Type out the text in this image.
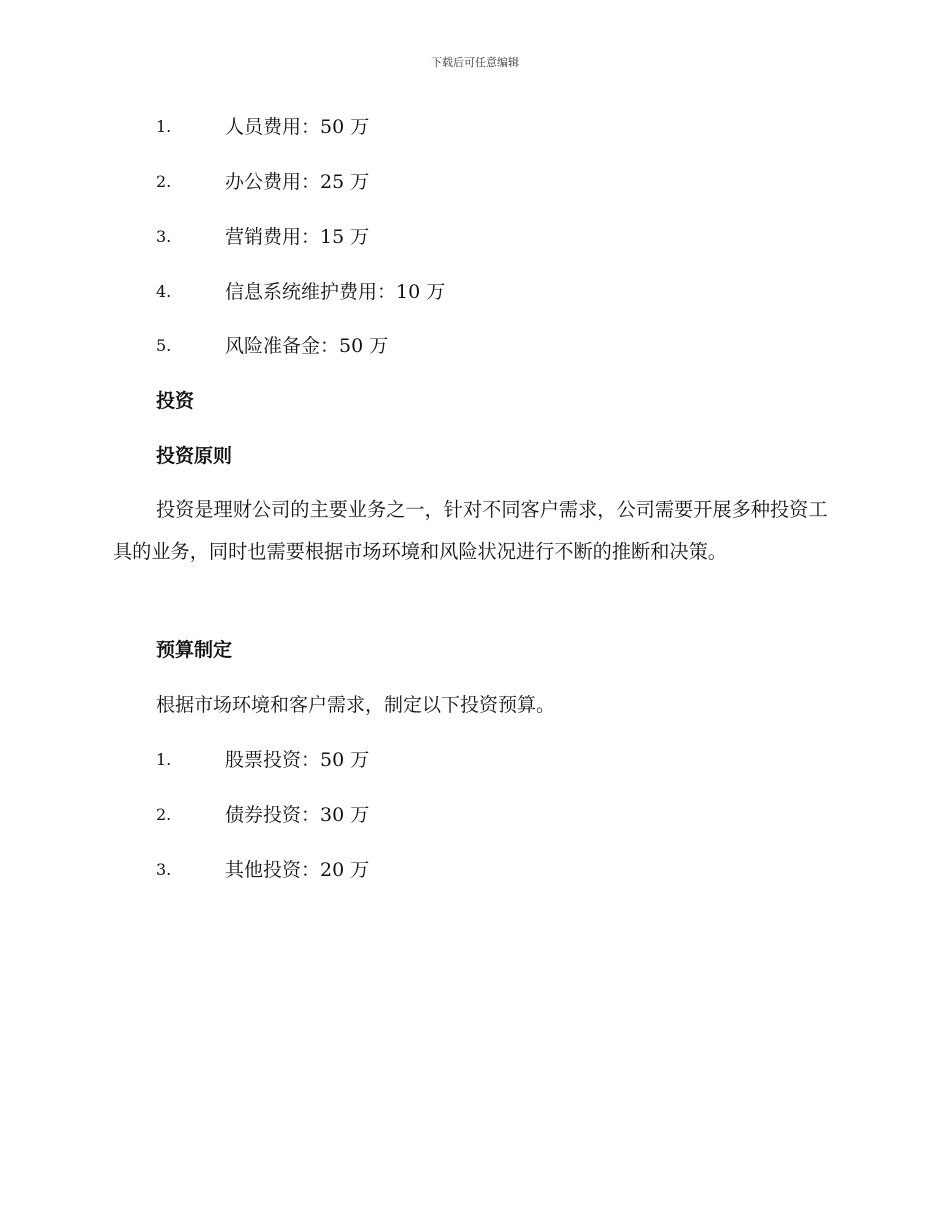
下载后可任意编辑
1.	人员费用：50 万
2.	办公费用：25 万
3.	营销费用：15 万
4.	信息系统维护费用：10 万
5.	风险准备金：50 万
投资
投资原则

投资是理财公司的主要业务之一，针对不同客户需求，公司需要开展多种投资工具的业务，同时也需要根据市场环境和风险状况进行不断的推断和决策。

预算制定
根据市场环境和客户需求，制定以下投资预算。
1.	股票投资：50 万
2.	债券投资：30 万
3.	其他投资：20 万
